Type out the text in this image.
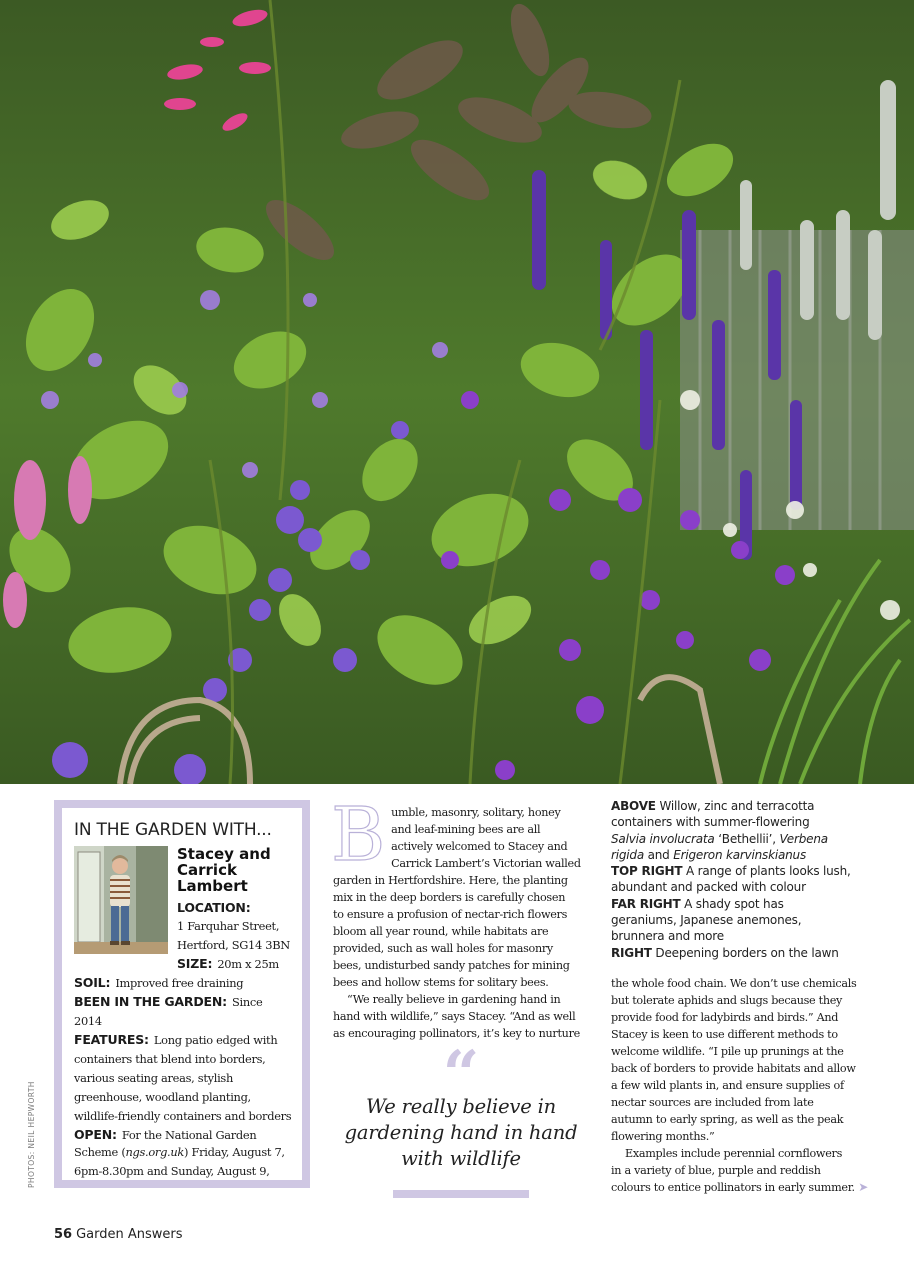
IN THE GARDEN WITH...
Stacey and
Carrick
Lambert

LOCATION:

1 Farquhar Street,

Hertford, SG14 3BN

SIZE: 20m x 25m

SOIL: Improved free draining

BEEN IN THE GARDEN: Since 2014

FEATURES: Long patio edged with

containers that blend into borders,

various seating areas, stylish

greenhouse, woodland planting,

wildlife-friendly containers and borders

OPEN: For the National Garden

Scheme (ngs.org.uk) Friday, August 7,

6pm-8.30pm and Sunday, August 9,

B umble, masonry, solitary, honey
and leaf-mining bees are all
actively welcomed to Stacey and
Carrick Lambert’s Victorian walled
garden in Hertfordshire. Here, the planting
mix in the deep borders is carefully chosen
to ensure a profusion of nectar-rich flowers
bloom all year round, while habitats are
provided, such as wall holes for masonry
bees, undisturbed sandy patches for mining
bees and hollow stems for solitary bees.

“We really believe in gardening hand in
hand with wildlife,” says Stacey. “And as well
as encouraging pollinators, it’s key to nurture

“
We really believe in
gardening hand in hand
with wildlife

ABOVE Willow, zinc and terracotta

containers with summer-flowering

Salvia involucrata ‘Bethellii’, Verbena

rigida and Erigeron karvinskianus

TOP RIGHT A range of plants looks lush,

abundant and packed with colour

FAR RIGHT A shady spot has

geraniums, Japanese anemones,

brunnera and more

RIGHT Deepening borders on the lawn

the whole food chain. We don’t use chemicals
but tolerate aphids and slugs because they
provide food for ladybirds and birds.” And
Stacey is keen to use different methods to
welcome wildlife. “I pile up prunings at the
back of borders to provide habitats and allow
a few wild plants in, and ensure supplies of
nectar sources are included from late
autumn to early spring, as well as the peak
flowering months.”

Examples include perennial cornflowers
in a variety of blue, purple and reddish
colours to entice pollinators in early summer. ➤

PHOTOS: NEIL HEPWORTH
56 Garden Answers
